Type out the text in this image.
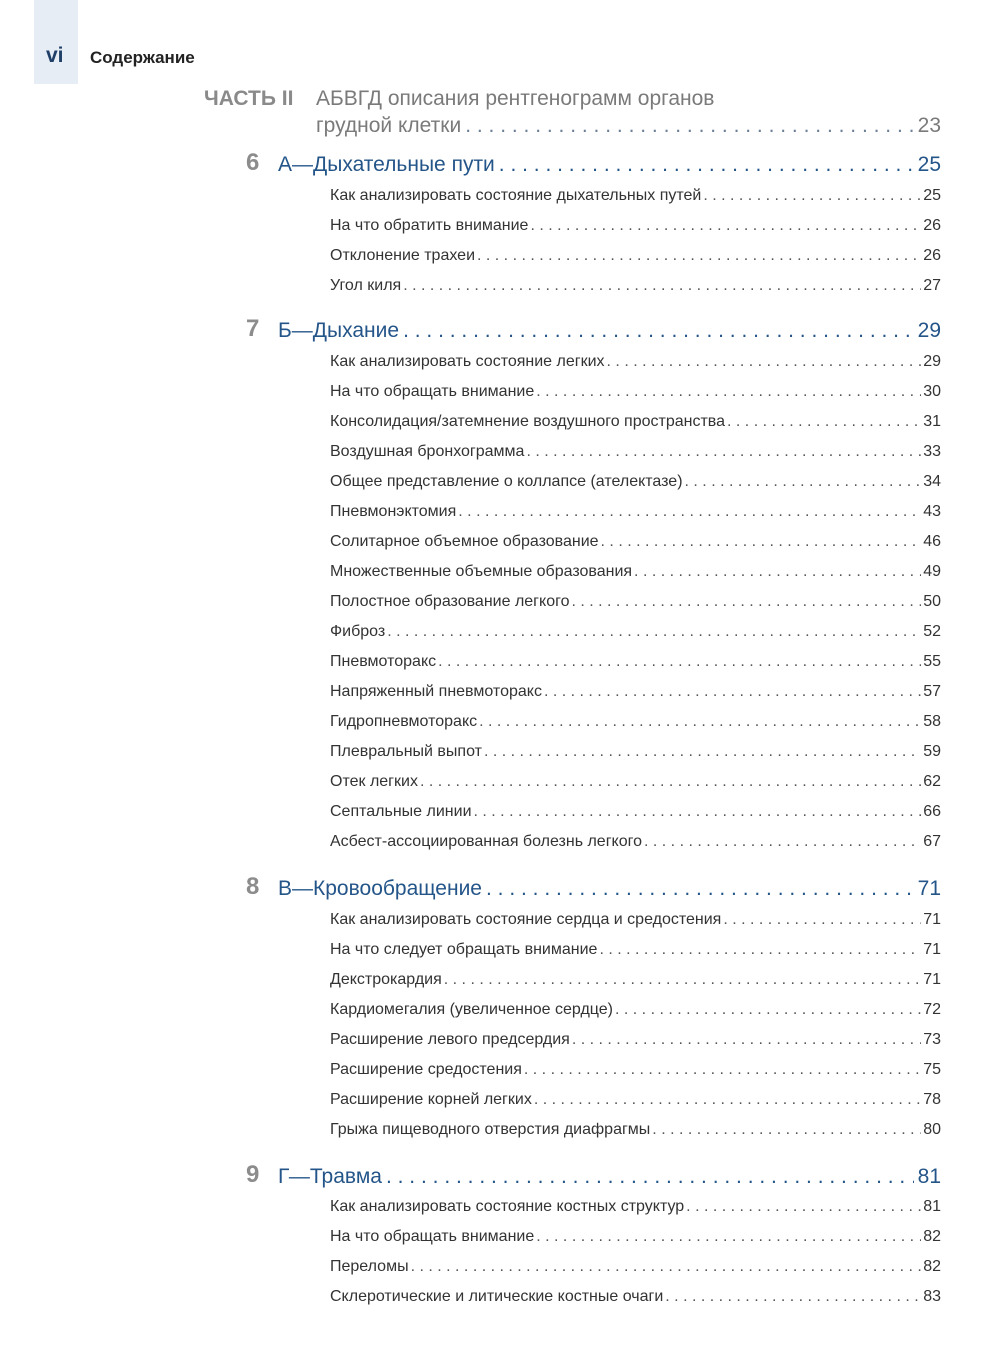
vi Содержание
ЧАСТЬ II АБВГД описания рентгенограмм органов
грудной клетки . . .	23
6 А—Дыхательные пути . . .	25
Как анализировать состояние дыхательных путей . . .	25
На что обратить внимание . . .	26
Отклонение трахеи . . .	26
Угол киля . . .	27
7 Б—Дыхание . . .	29
Как анализировать состояние легких . . .	29
На что обращать внимание . . .	30
Консолидация/затемнение воздушного пространства . . .	31
Воздушная бронхограмма . . .	33
Общее представление о коллапсе (ателектазе) . . .	34
Пневмонэктомия . . .	43
Солитарное объемное образование . . .	46
Множественные объемные образования . . .	49
Полостное образование легкого . . .	50
Фиброз . . .	52
Пневмоторакс . . .	55
Напряженный пневмоторакс . . .	57
Гидропневмоторакс . . .	58
Плевральный выпот . . .	59
Отек легких . . .	62
Септальные линии . . .	66
Асбест-ассоциированная болезнь легкого . . .	67
8 В—Кровообращение . . .	71
Как анализировать состояние сердца и средостения . . .	71
На что следует обращать внимание . . .	71
Декстрокардия . . .	71
Кардиомегалия (увеличенное сердце) . . .	72
Расширение левого предсердия . . .	73
Расширение средостения . . .	75
Расширение корней легких . . .	78
Грыжа пищеводного отверстия диафрагмы . . .	80
9 Г—Травма . . .	81
Как анализировать состояние костных структур . . .	81
На что обращать внимание . . .	82
Переломы . . .	82
Склеротические и литические костные очаги . . .	83
